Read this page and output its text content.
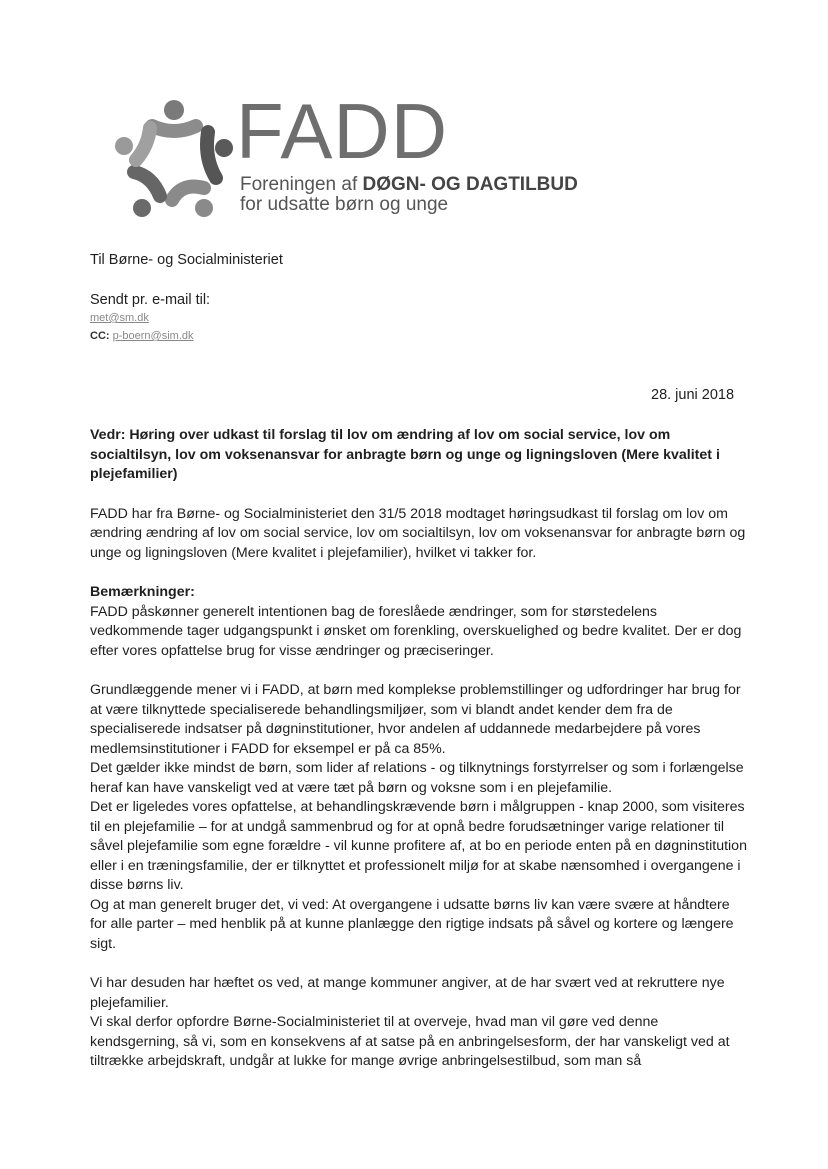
FADD
Foreningen af DØGN- OG DAGTILBUD
for udsatte børn og unge
Til Børne- og Socialministeriet
Sendt pr. e-mail til:
met@sm.dk
CC: p-boern@sim.dk
28. juni 2018

Vedr: Høring over udkast til forslag til lov om ændring af lov om social service, lov om socialtilsyn, lov om voksenansvar for anbragte børn og unge og ligningsloven (Mere kvalitet i plejefamilier)

FADD har fra Børne- og Socialministeriet den 31/5 2018 modtaget høringsudkast til forslag om lov om ændring ændring af lov om social service, lov om socialtilsyn, lov om voksenansvar for anbragte børn og unge og ligningsloven (Mere kvalitet i plejefamilier), hvilket vi takker for.

Bemærkninger:

FADD påskønner generelt intentionen bag de foreslåede ændringer, som for størstedelens vedkommende tager udgangspunkt i ønsket om forenkling, overskuelighed og bedre kvalitet. Der er dog efter vores opfattelse brug for visse ændringer og præciseringer.

Grundlæggende mener vi i FADD, at børn med komplekse problemstillinger og udfordringer har brug for at være tilknyttede specialiserede behandlingsmiljøer, som vi blandt andet kender dem fra de specialiserede indsatser på døgninstitutioner, hvor andelen af uddannede medarbejdere på vores medlemsinstitutioner i FADD for eksempel er på ca 85%.

Det gælder ikke mindst de børn, som lider af relations - og tilknytnings forstyrrelser og som i forlængelse heraf kan have vanskeligt ved at være tæt på børn og voksne som i en plejefamilie.

Det er ligeledes vores opfattelse, at behandlingskrævende børn i målgruppen - knap 2000, som visiteres til en plejefamilie – for at undgå sammenbrud og for at opnå bedre forudsætninger varige relationer til såvel plejefamilie som egne forældre - vil kunne profitere af, at bo en periode enten på en døgninstitution eller i en træningsfamilie, der er tilknyttet et professionelt miljø for at skabe nænsomhed i overgangene i disse børns liv.

Og at man generelt bruger det, vi ved: At overgangene i udsatte børns liv kan være svære at håndtere for alle parter – med henblik på at kunne planlægge den rigtige indsats på såvel og kortere og længere sigt.

Vi har desuden har hæftet os ved, at mange kommuner angiver, at de har svært ved at rekruttere nye plejefamilier.

Vi skal derfor opfordre Børne-Socialministeriet til at overveje, hvad man vil gøre ved denne kendsgerning, så vi, som en konsekvens af at satse på en anbringelsesform, der har vanskeligt ved at tiltrække arbejdskraft, undgår at lukke for mange øvrige anbringelsestilbud, som man så
